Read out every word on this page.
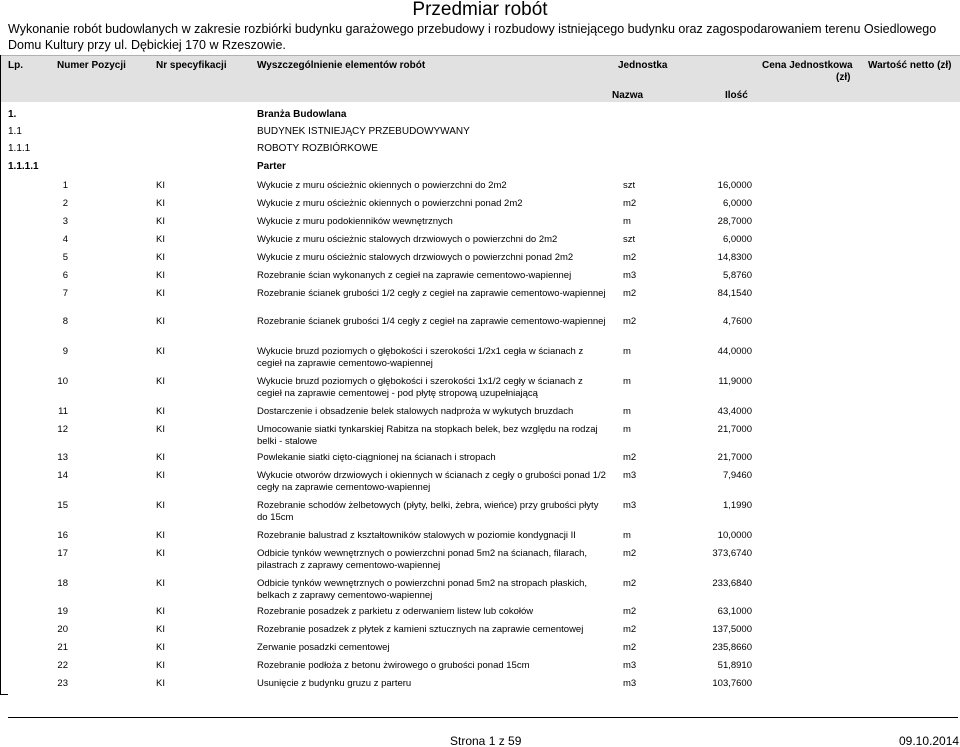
Przedmiar robót
Wykonanie robót budowlanych w zakresie rozbiórki budynku garażowego przebudowy i rozbudowy istniejącego budynku oraz zagospodarowaniem terenu Osiedlowego Domu Kultury przy ul. Dębickiej 170 w Rzeszowie.
Lp.	Numer Pozycji	Nr specyfikacji	Wyszczególnienie elementów robót	Jednostka
Nazwa	Ilość
Cena Jednostkowa
(zł)
Wartość netto (zł)
1.	Branża Budowlana
1.1	BUDYNEK ISTNIEJĄCY PRZEBUDOWYWANY
1.1.1	ROBOTY ROZBIÓRKOWE
1.1.1.1	Parter
1	KI	Wykucie z muru ościeżnic okiennych o powierzchni do 2m2	szt	16,0000
2	KI	Wykucie z muru ościeżnic okiennych o powierzchni ponad 2m2	m2	6,0000
3	KI	Wykucie z muru podokienników wewnętrznych	m	28,7000
4	KI	Wykucie z muru ościeżnic stalowych drzwiowych o powierzchni do 2m2	szt	6,0000
5	KI	Wykucie z muru ościeżnic stalowych drzwiowych o powierzchni ponad 2m2	m2	14,8300
6	KI	Rozebranie ścian wykonanych z cegieł na zaprawie cementowo-wapiennej	m3	5,8760
7	KI	Rozebranie ścianek grubości 1/2 cegły z cegieł na zaprawie cementowo-wapiennej m2	84,1540
8	KI	Rozebranie ścianek grubości 1/4 cegły z cegieł na zaprawie cementowo-wapiennej m2	4,7600
9	KI	Wykucie bruzd poziomych o głębokości i szerokości 1/2x1 cegła w ścianach z cegieł na zaprawie cementowo-wapiennej
m	44,0000
10	KI	Wykucie bruzd poziomych o głębokości i szerokości 1x1/2 cegły w ścianach z cegieł na zaprawie cementowej - pod płytę stropową uzupełniającą
m	11,9000
11	KI	Dostarczenie i obsadzenie belek stalowych nadproża w wykutych bruzdach	m	43,4000
12	KI	Umocowanie siatki tynkarskiej Rabitza na stopkach belek, bez względu na rodzaj belki - stalowe
m	21,7000
13	KI	Powlekanie siatki cięto-ciągnionej na ścianach i stropach	m2	21,7000
14	KI	Wykucie otworów drzwiowych i okiennych w ścianach z cegły o grubości ponad 1/2 cegły na zaprawie cementowo-wapiennej
m3	7,9460
15	KI	Rozebranie schodów żelbetowych (płyty, belki, żebra, wieńce) przy grubości płyty do 15cm
m3	1,1990
16	KI	Rozebranie balustrad z kształtowników stalowych w poziomie kondygnacji II	m	10,0000
17	KI	Odbicie tynków wewnętrznych o powierzchni ponad 5m2 na ścianach, filarach, pilastrach z zaprawy cementowo-wapiennej
m2	373,6740
18	KI	Odbicie tynków wewnętrznych o powierzchni ponad 5m2 na stropach płaskich, belkach z zaprawy cementowo-wapiennej
m2	233,6840
19	KI	Rozebranie posadzek z parkietu z oderwaniem listew lub cokołów	m2	63,1000
20	KI	Rozebranie posadzek z płytek z kamieni sztucznych na zaprawie cementowej	m2	137,5000
21	KI	Zerwanie posadzki cementowej	m2	235,8660
22	KI	Rozebranie podłoża z betonu żwirowego o grubości ponad 15cm	m3	51,8910
23	KI	Usunięcie z budynku gruzu z parteru	m3	103,7600
Strona 1 z 59	09.10.2014
